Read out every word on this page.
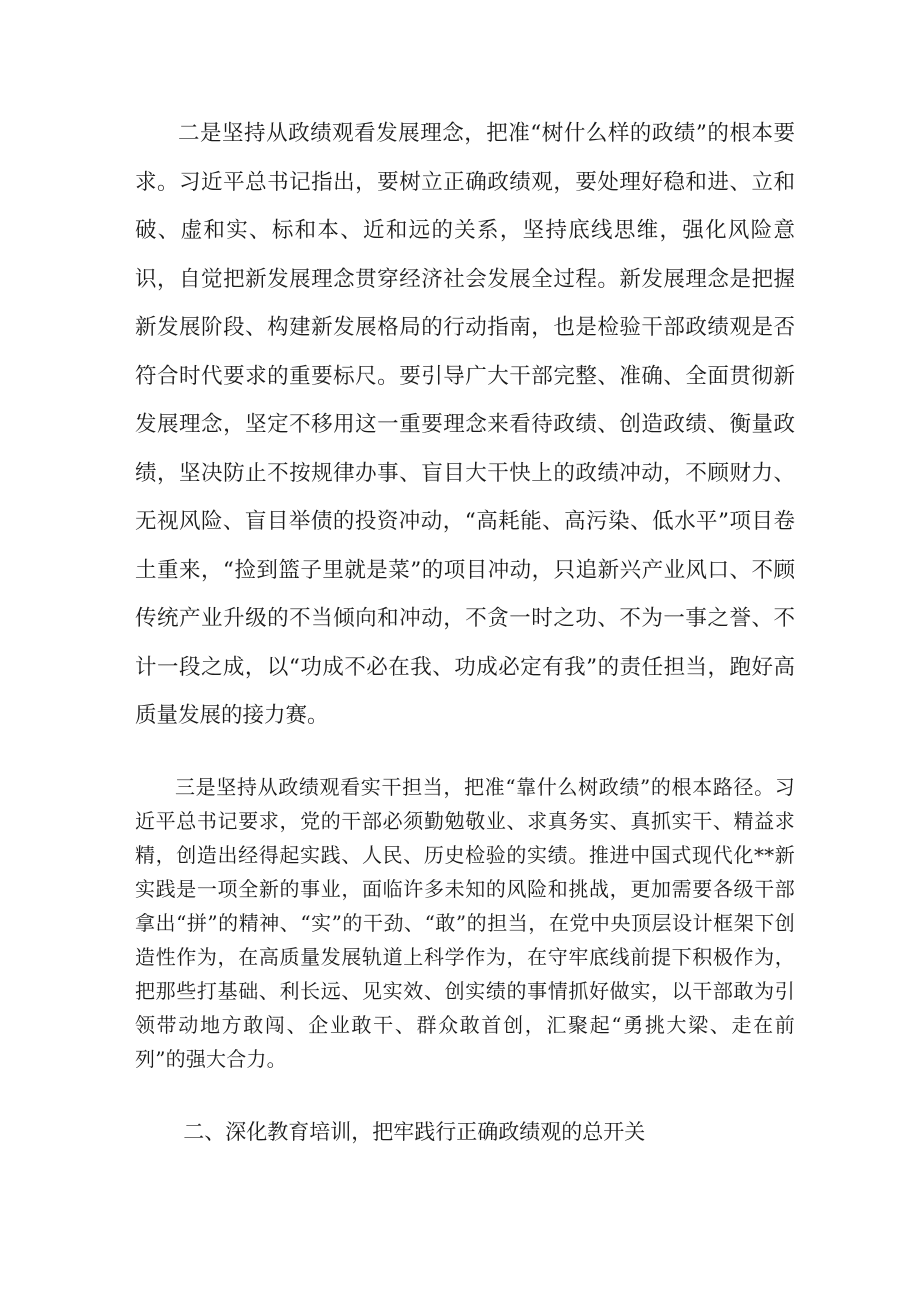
二是坚持从政绩观看发展理念，把准“树什么样的政绩”的根本要求。习近平总书记指出，要树立正确政绩观，要处理好稳和进、立和破、虚和实、标和本、近和远的关系，坚持底线思维，强化风险意识，自觉把新发展理念贯穿经济社会发展全过程。新发展理念是把握新发展阶段、构建新发展格局的行动指南，也是检验干部政绩观是否符合时代要求的重要标尺。要引导广大干部完整、准确、全面贯彻新发展理念，坚定不移用这一重要理念来看待政绩、创造政绩、衡量政绩，坚决防止不按规律办事、盲目大干快上的政绩冲动，不顾财力、无视风险、盲目举债的投资冲动，“高耗能、高污染、低水平”项目卷土重来，“捡到篮子里就是菜”的项目冲动，只追新兴产业风口、不顾传统产业升级的不当倾向和冲动，不贪一时之功、不为一事之誉、不计一段之成，以“功成不必在我、功成必定有我”的责任担当，跑好高质量发展的接力赛。

三是坚持从政绩观看实干担当，把准“靠什么树政绩”的根本路径。习近平总书记要求，党的干部必须勤勉敬业、求真务实、真抓实干、精益求精，创造出经得起实践、人民、历史检验的实绩。推进中国式现代化**新实践是一项全新的事业，面临许多未知的风险和挑战，更加需要各级干部拿出“拼”的精神、“实”的干劲、“敢”的担当，在党中央顶层设计框架下创造性作为，在高质量发展轨道上科学作为，在守牢底线前提下积极作为，把那些打基础、利长远、见实效、创实绩的事情抓好做实，以干部敢为引领带动地方敢闯、企业敢干、群众敢首创，汇聚起“勇挑大梁、走在前列”的强大合力。

二、深化教育培训，把牢践行正确政绩观的总开关
